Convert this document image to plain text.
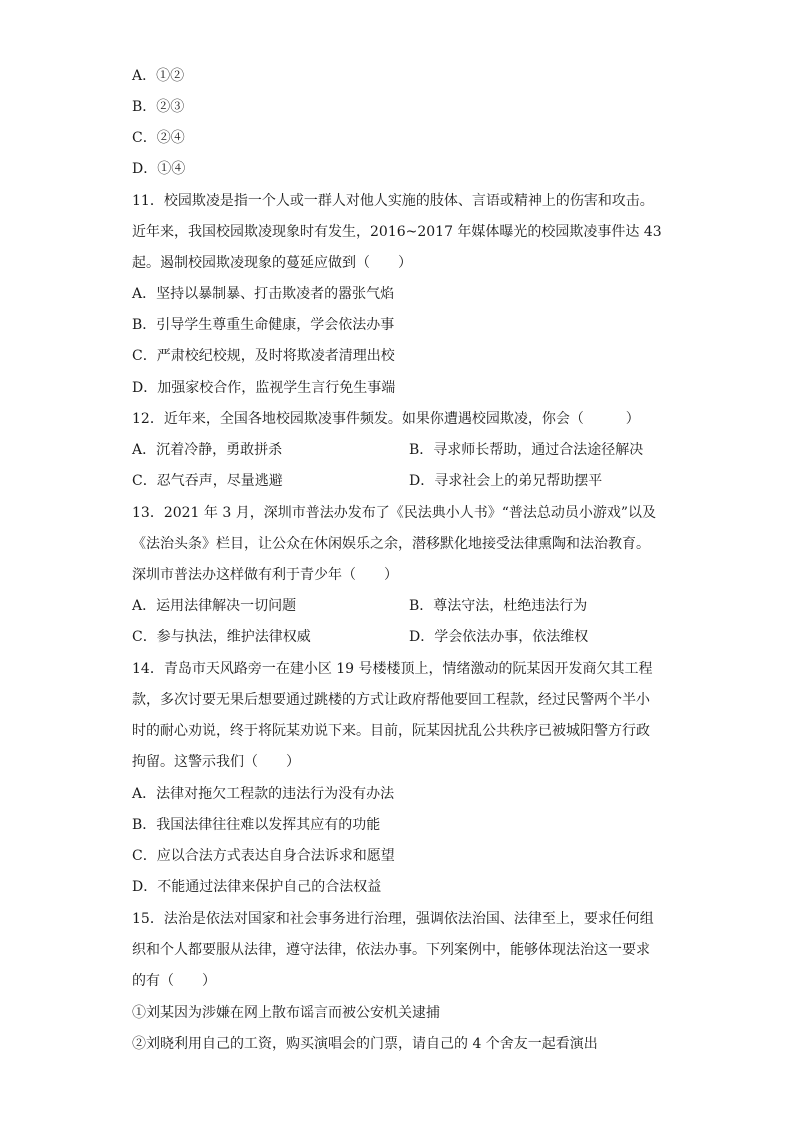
A．①②
B．②③
C．②④
D．①④
11．校园欺凌是指一个人或一群人对他人实施的肢体、言语或精神上的伤害和攻击。
近年来，我国校园欺凌现象时有发生，2016~2017 年媒体曝光的校园欺凌事件达 43
起。遏制校园欺凌现象的蔓延应做到（　　）
A．坚持以暴制暴、打击欺凌者的嚣张气焰
B．引导学生尊重生命健康，学会依法办事
C．严肃校纪校规，及时将欺凌者清理出校
D．加强家校合作，监视学生言行免生事端
12．近年来，全国各地校园欺凌事件频发。如果你遭遇校园欺凌，你会（　　　）
A．沉着冷静，勇敢拼杀	B．寻求师长帮助，通过合法途径解决
C．忍气吞声，尽量逃避	D．寻求社会上的弟兄帮助摆平
13．2021 年 3 月，深圳市普法办发布了《民法典小人书》“普法总动员小游戏”以及
《法治头条》栏目，让公众在休闲娱乐之余，潜移默化地接受法律熏陶和法治教育。
深圳市普法办这样做有利于青少年（　　）
A．运用法律解决一切问题	B．尊法守法，杜绝违法行为
C．参与执法，维护法律权威	D．学会依法办事，依法维权
14．青岛市天风路旁一在建小区 19 号楼楼顶上，情绪激动的阮某因开发商欠其工程
款，多次讨要无果后想要通过跳楼的方式让政府帮他要回工程款，经过民警两个半小
时的耐心劝说，终于将阮某劝说下来。目前，阮某因扰乱公共秩序已被城阳警方行政
拘留。这警示我们（　　）
A．法律对拖欠工程款的违法行为没有办法
B．我国法律往往难以发挥其应有的功能
C．应以合法方式表达自身合法诉求和愿望
D．不能通过法律来保护自己的合法权益
15．法治是依法对国家和社会事务进行治理，强调依法治国、法律至上，要求任何组
织和个人都要服从法律，遵守法律，依法办事。下列案例中，能够体现法治这一要求
的有（　　）
①刘某因为涉嫌在网上散布谣言而被公安机关逮捕
②刘晓利用自己的工资，购买演唱会的门票，请自己的 4 个舍友一起看演出
